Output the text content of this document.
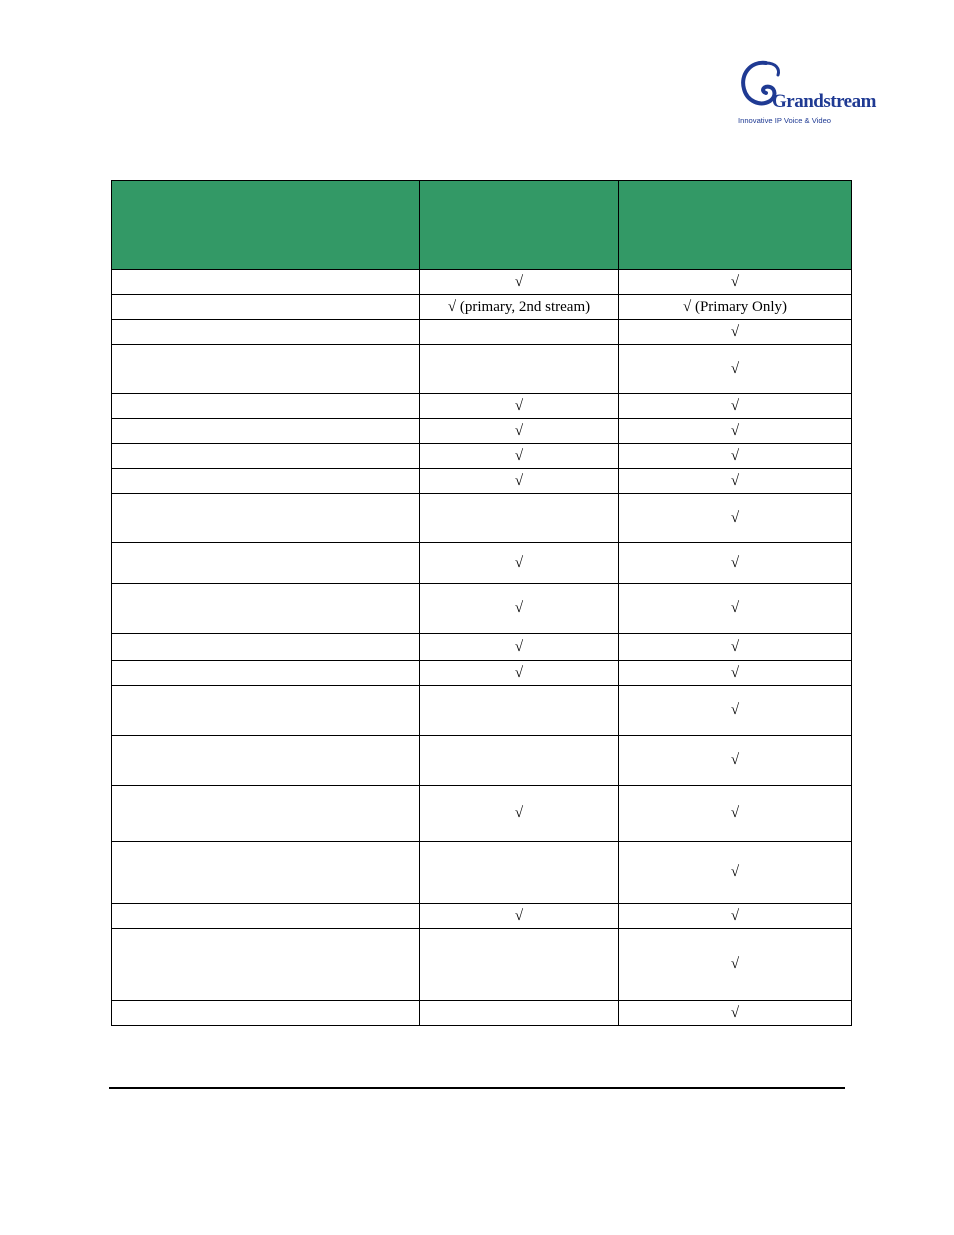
Grandstream
Innovative IP Voice & Video

	√	√
	√ (primary, 2nd stream)	√ (Primary Only)
		√
		√
	√	√
	√	√
	√	√
	√	√
		√
	√	√
	√	√
	√	√
	√	√
		√
		√
	√	√
		√
	√	√
		√
		√
